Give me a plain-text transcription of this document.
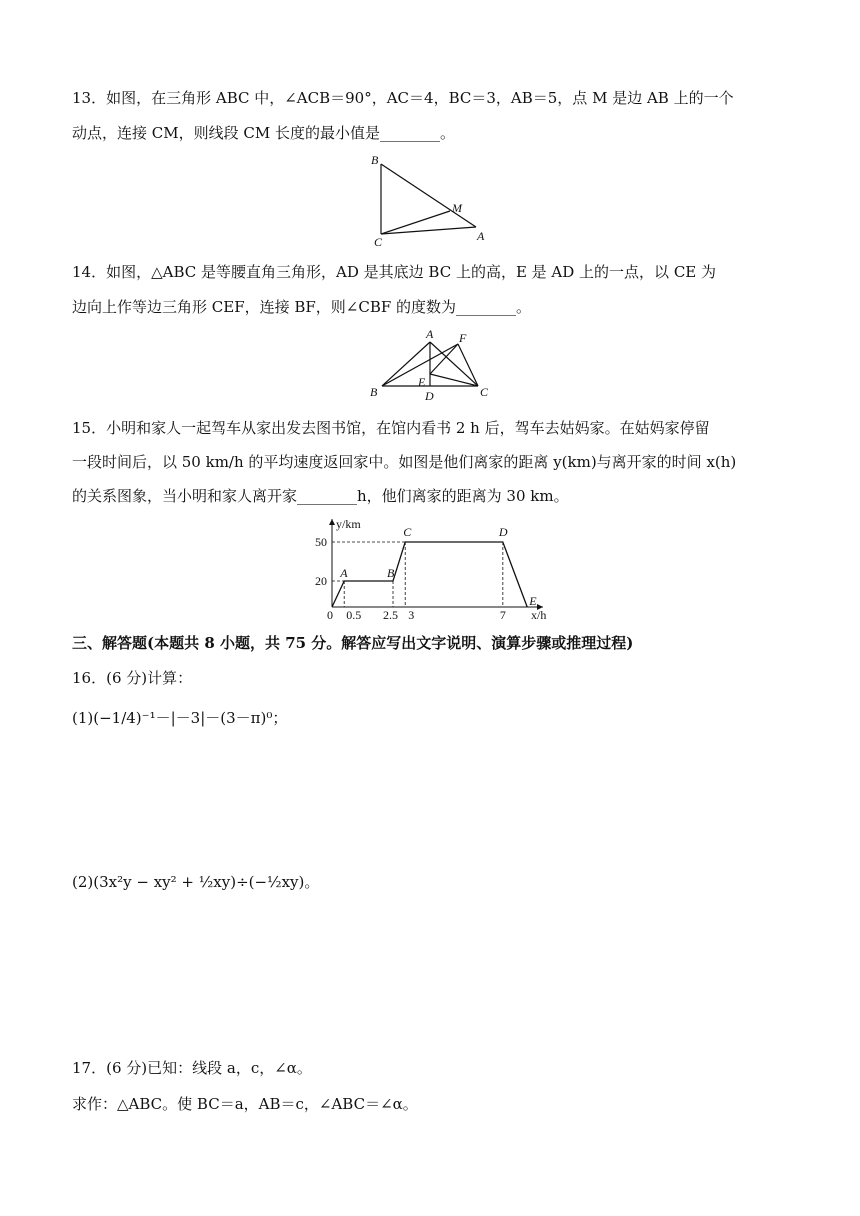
13．如图，在三角形 ABC 中，∠ACB＝90°，AC＝4，BC＝3，AB＝5，点 M 是边 AB 上的一个
动点，连接 CM，则线段 CM 长度的最小值是________。
B
M
C	A
14．如图，△ABC 是等腰直角三角形，AD 是其底边 BC 上的高，E 是 AD 上的一点，以 CE 为
边向上作等边三角形 CEF，连接 BF，则∠CBF 的度数为________。
A F
B
E
D	C
15．小明和家人一起驾车从家出发去图书馆，在馆内看书 2 h 后，驾车去姑妈家。在姑妈家停留
一段时间后，以 50 km/h 的平均速度返回家中。如图是他们离家的距离 y(km)与离开家的时间 x(h)
的关系图象，当小明和家人离开家________h，他们离家的距离为 30 km。
y/km
x/h
20
50
A	B
C	D
E
0 0.5 2.5 3	7
三、解答题(本题共 8 小题，共 75 分。解答应写出文字说明、演算步骤或推理过程)
16．(6 分)计算：
(1)(−1/4)⁻¹－|－3|－(3－π)⁰；
(2)(3x²y − xy² + ½xy)÷(−½xy)。
17．(6 分)已知：线段 a，c，∠α。
求作：△ABC。使 BC＝a，AB＝c，∠ABC＝∠α。
